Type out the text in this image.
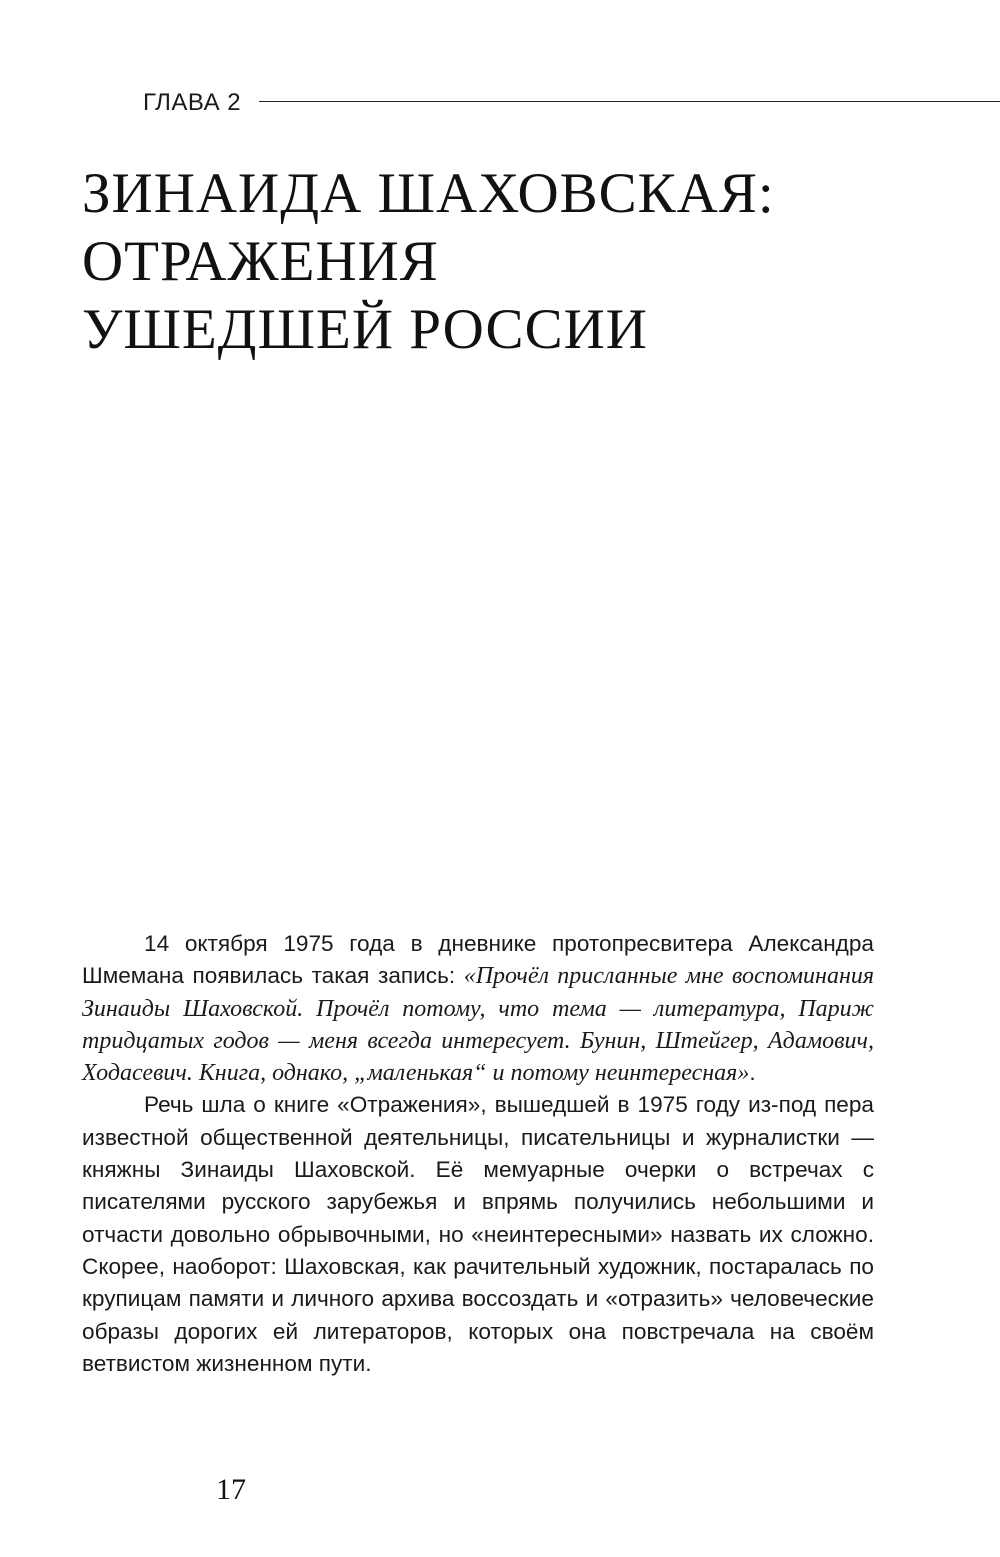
ГЛАВА 2
ЗИНАИДА ШАХОВСКАЯ:
ОТРАЖЕНИЯ
УШЕДШЕЙ РОССИИ

14 октября 1975 года в дневнике протопресвитера Александра Шмемана появилась такая запись: «Прочёл присланные мне воспоминания Зинаиды Шаховской. Прочёл потому, что тема — литература, Париж тридцатых годов — меня всегда интересует. Бунин, Штейгер, Адамович, Ходасевич. Книга, однако, „маленькая“ и потому неинтересная».

Речь шла о книге «Отражения», вышедшей в 1975 году из-под пера известной общественной деятельницы, писательницы и журналистки — княжны Зинаиды Шаховской. Её мемуарные очерки о встречах с писателями русского зарубежья и впрямь получились небольшими и отчасти довольно обрывочными, но «неинтересными» назвать их сложно. Скорее, наоборот: Шаховская, как рачительный художник, постаралась по крупицам памяти и личного архива воссоздать и «отразить» человеческие образы дорогих ей литераторов, которых она повстречала на своём ветвистом жизненном пути.

17
